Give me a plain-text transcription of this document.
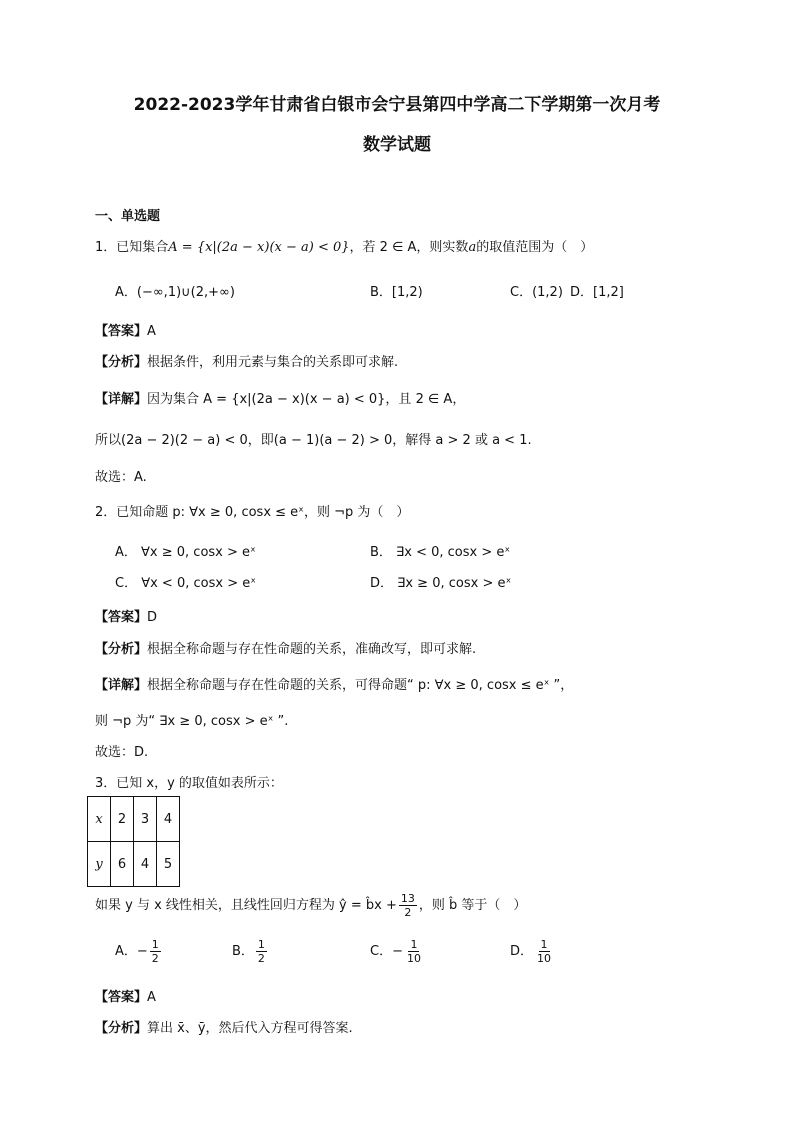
2022-2023学年甘肃省白银市会宁县第四中学高二下学期第一次月考
数学试题
一、单选题
1．已知集合A = {x|(2a − x)(x − a) < 0}，若 2 ∈ A，则实数a的取值范围为（　）
A．(−∞,1)∪(2,+∞)	B．[1,2)	C．(1,2) D．[1,2]
【答案】A
【分析】根据条件，利用元素与集合的关系即可求解.
【详解】因为集合 A = {x|(2a − x)(x − a) < 0}，且 2 ∈ A，
所以(2a − 2)(2 − a) < 0，即(a − 1)(a − 2) > 0，解得 a > 2 或 a < 1.
故选：A.
2．已知命题 p: ∀x ≥ 0, cosx ≤ eˣ，则 ¬p 为（　）
A． ∀x ≥ 0, cosx > eˣ	B． ∃x < 0, cosx > eˣ
C． ∀x < 0, cosx > eˣ	D． ∃x ≥ 0, cosx > eˣ
【答案】D
【分析】根据全称命题与存在性命题的关系，准确改写，即可求解.
【详解】根据全称命题与存在性命题的关系，可得命题“ p: ∀x ≥ 0, cosx ≤ eˣ ”，
则 ¬p 为“ ∃x ≥ 0, cosx > eˣ ”.
故选：D.
3．已知 x，y 的取值如表所示：
x	2	3	4
y	6	4	5
如果 y 与 x 线性相关，且线性回归方程为 ŷ = b̂x + $\frac{13}{2}$ ，则 b̂ 等于（　）
A．− $\frac{1}{2}$	B． $\frac{1}{2}$	C．− $\frac{1}{10}$	D． $\frac{1}{10}$
【答案】A
【分析】算出 x̄、ȳ，然后代入方程可得答案.
